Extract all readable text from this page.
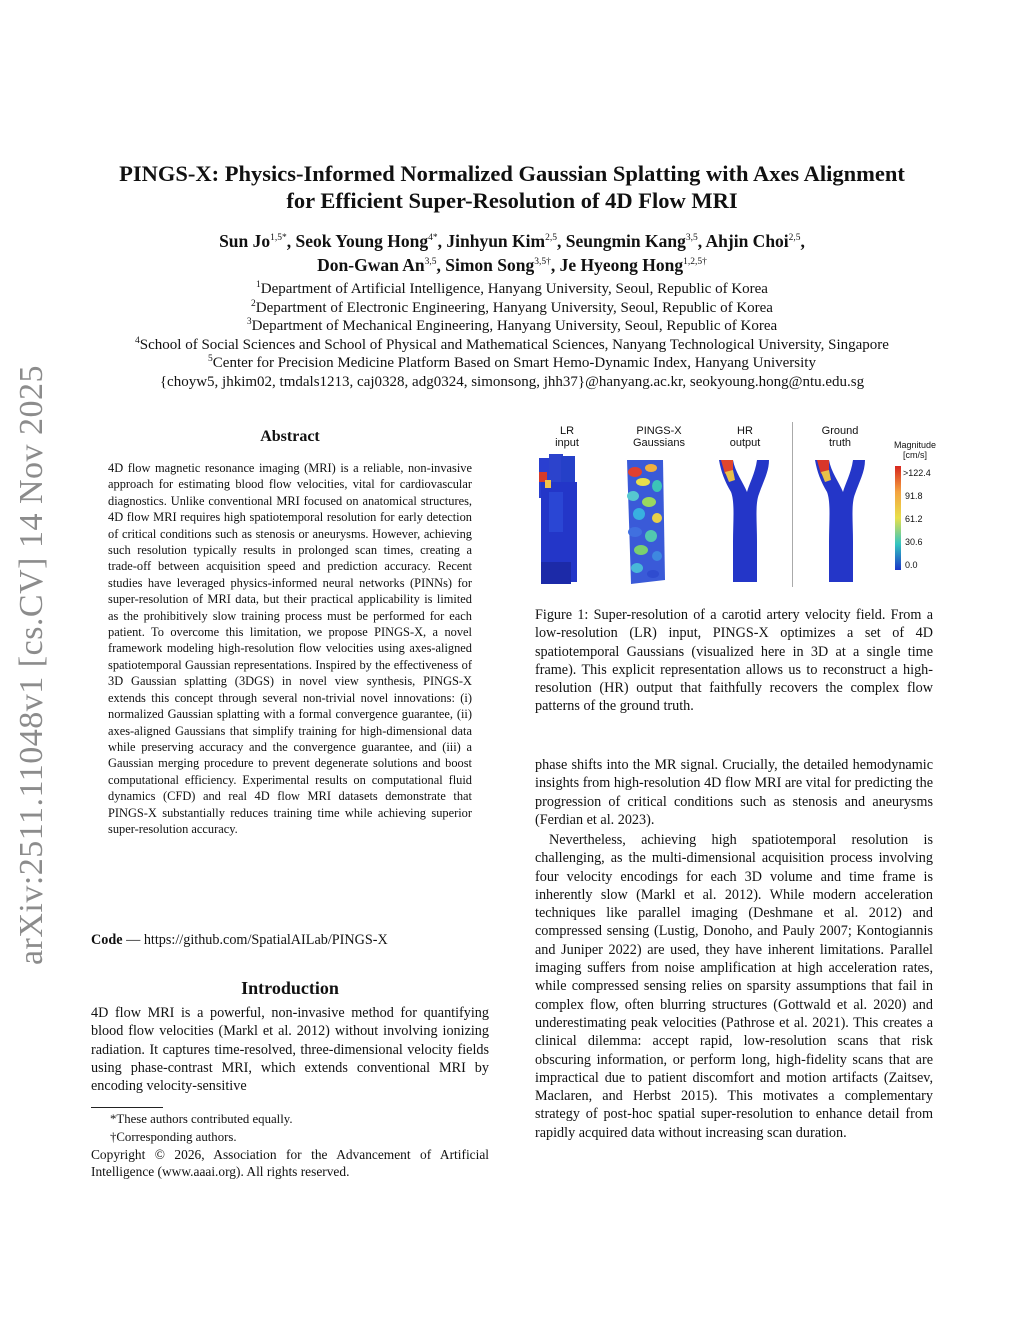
arXiv:2511.11048v1 [cs.CV] 14 Nov 2025
PINGS-X: Physics-Informed Normalized Gaussian Splatting with Axes Alignment
for Efficient Super-Resolution of 4D Flow MRI
Sun $Jo^{1,5*}$, Seok Young Hong$^{4*}$, Jinhyun Kim$^{2,5}$, Seungmin Kang$^{3,5}$, Ahjin Choi$^{2,5}$,
Don-Gwan An$^{3,5}$, Simon Song$^{3,5\dagger}$, Je Hyeong Hong$^{1,2,5\dagger}$
$^1$Department of Artificial Intelligence, Hanyang University, Seoul, Republic of Korea
$^2$Department of Electronic Engineering, Hanyang University, Seoul, Republic of Korea
$^3$Department of Mechanical Engineering, Hanyang University, Seoul, Republic of Korea
$^4$School of Social Sciences and School of Physical and Mathematical Sciences, Nanyang Technological University, Singapore
$^5$Center for Precision Medicine Platform Based on Smart Hemo-Dynamic Index, Hanyang University
{choyw5, jhkim02, tmdals1213, caj0328, adg0324, simonsong, jhh37}@hanyang.ac.kr, seokyoung.hong@ntu.edu.sg
Abstract
4D flow magnetic resonance imaging (MRI) is a reliable, non-invasive approach for estimating blood flow velocities, vital for cardiovascular diagnostics. Unlike conventional MRI focused on anatomical structures, 4D flow MRI requires high spatiotemporal resolution for early detection of critical conditions such as stenosis or aneurysms. However, achieving such resolution typically results in prolonged scan times, creating a trade-off between acquisition speed and prediction accuracy. Recent studies have leveraged physics-informed neural networks (PINNs) for super-resolution of MRI data, but their practical applicability is limited as the prohibitively slow training process must be performed for each patient. To overcome this limitation, we propose PINGS-X, a novel framework modeling high-resolution flow velocities using axes-aligned spatiotemporal Gaussian representations. Inspired by the effectiveness of 3D Gaussian splatting (3DGS) in novel view synthesis, PINGS-X extends this concept through several non-trivial novel innovations: (i) normalized Gaussian splatting with a formal convergence guarantee, (ii) axes-aligned Gaussians that simplify training for high-dimensional data while preserving accuracy and the convergence guarantee, and (iii) a Gaussian merging procedure to prevent degenerate solutions and boost computational efficiency. Experimental results on computational fluid dynamics (CFD) and real 4D flow MRI datasets demonstrate that PINGS-X substantially reduces training time while achieving superior super-resolution accuracy.
Code — https://github.com/SpatialAILab/PINGS-X
Introduction
4D flow MRI is a powerful, non-invasive method for quantifying blood flow velocities (Markl et al. 2012) without involving ionizing radiation. It captures time-resolved, three-dimensional velocity fields using phase-contrast MRI, which extends conventional MRI by encoding velocity-sensitive
*These authors contributed equally.
†Corresponding authors.
Copyright © 2026, Association for the Advancement of Artificial Intelligence (www.aaai.org). All rights reserved.
LR
input
PINGS-X
Gaussians
HR
output
Ground
truth	Magnitude
[cm/s]
>122.4
91.8
61.2
30.6
0.0
Figure 1: Super-resolution of a carotid artery velocity field. From a low-resolution (LR) input, PINGS-X optimizes a set of 4D spatiotemporal Gaussians (visualized here in 3D at a single time frame). This explicit representation allows us to reconstruct a high-resolution (HR) output that faithfully recovers the complex flow patterns of the ground truth.
phase shifts into the MR signal. Crucially, the detailed hemodynamic insights from high-resolution 4D flow MRI are vital for predicting the progression of critical conditions such as stenosis and aneurysms (Ferdian et al. 2023).
Nevertheless, achieving high spatiotemporal resolution is challenging, as the multi-dimensional acquisition process involving four velocity encodings for each 3D volume and time frame is inherently slow (Markl et al. 2012). While modern acceleration techniques like parallel imaging (Deshmane et al. 2012) and compressed sensing (Lustig, Donoho, and Pauly 2007; Kontogiannis and Juniper 2022) are used, they have inherent limitations. Parallel imaging suffers from noise amplification at high acceleration rates, while compressed sensing relies on sparsity assumptions that fail in complex flow, often blurring structures (Gottwald et al. 2020) and underestimating peak velocities (Pathrose et al. 2021). This creates a clinical dilemma: accept rapid, low-resolution scans that risk obscuring information, or perform long, high-fidelity scans that are impractical due to patient discomfort and motion artifacts (Zaitsev, Maclaren, and Herbst 2015). This motivates a complementary strategy of post-hoc spatial super-resolution to enhance detail from rapidly acquired data without increasing scan duration.
